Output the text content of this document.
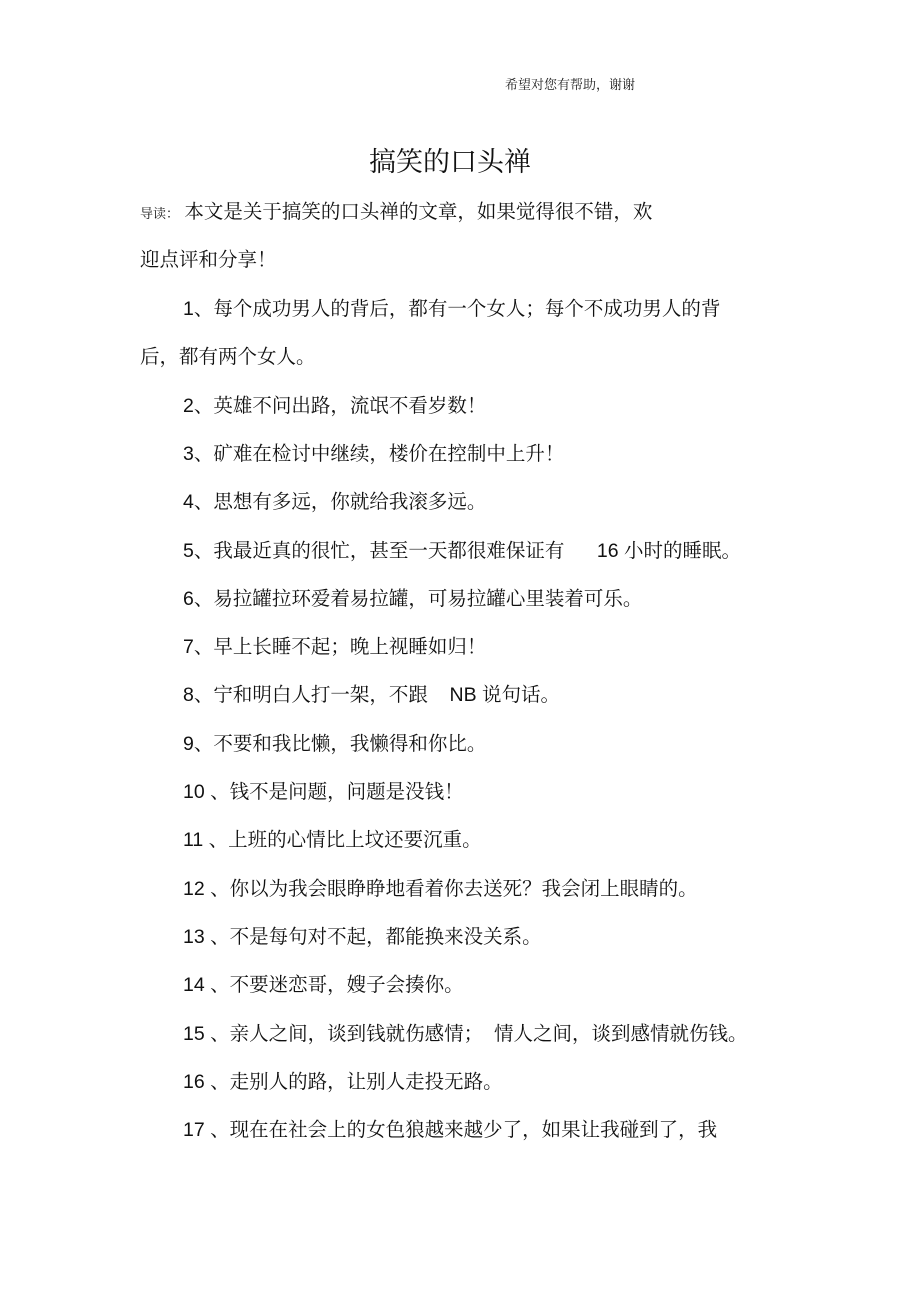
希望对您有帮助，谢谢
搞笑的口头禅
导读： 本文是关于搞笑的口头禅的文章，如果觉得很不错，欢
迎点评和分享！
1、每个成功男人的背后，都有一个女人；每个不成功男人的背
后，都有两个女人。
2、英雄不问出路，流氓不看岁数！
3、矿难在检讨中继续，楼价在控制中上升！
4、思想有多远，你就给我滚多远。
5、我最近真的很忙，甚至一天都很难保证有      16 小时的睡眠。
6、易拉罐拉环爱着易拉罐，可易拉罐心里装着可乐。
7、早上长睡不起；晚上视睡如归！
8、宁和明白人打一架，不跟    NB 说句话。
9、不要和我比懒，我懒得和你比。
10 、钱不是问题，问题是没钱！
11 、上班的心情比上坟还要沉重。
12 、你以为我会眼睁睁地看着你去送死？我会闭上眼睛的。
13 、不是每句对不起，都能换来没关系。
14 、不要迷恋哥，嫂子会揍你。
15 、亲人之间，谈到钱就伤感情；  情人之间，谈到感情就伤钱。
16 、走别人的路，让别人走投无路。
17 、现在在社会上的女色狼越来越少了，如果让我碰到了，我
